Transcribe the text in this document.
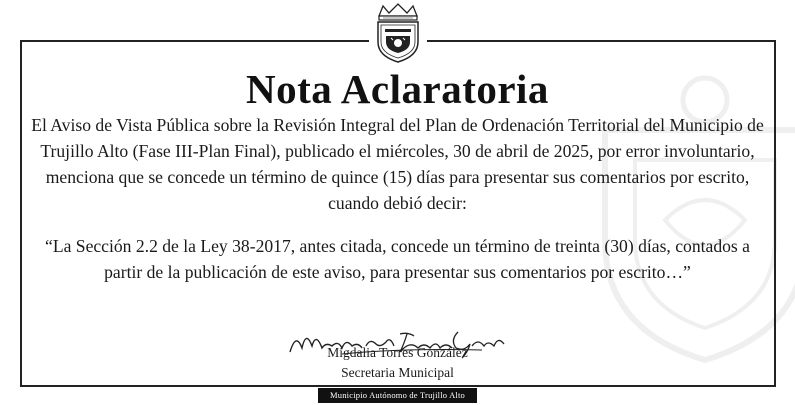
Nota Aclaratoria
El Aviso de Vista Pública sobre la Revisión Integral del Plan de Ordenación Territorial del Municipio de Trujillo Alto (Fase III-Plan Final), publicado el miércoles, 30 de abril de 2025, por error involuntario, menciona que se concede un término de quince (15) días para presentar sus comentarios por escrito, cuando debió decir:
“La Sección 2.2 de la Ley 38-2017, antes citada, concede un término de treinta (30) días, contados a partir de la publicación de este aviso, para presentar sus comentarios por escrito…”
Migdalia Torres González
Secretaria Municipal
Municipio Autónomo de Trujillo Alto
